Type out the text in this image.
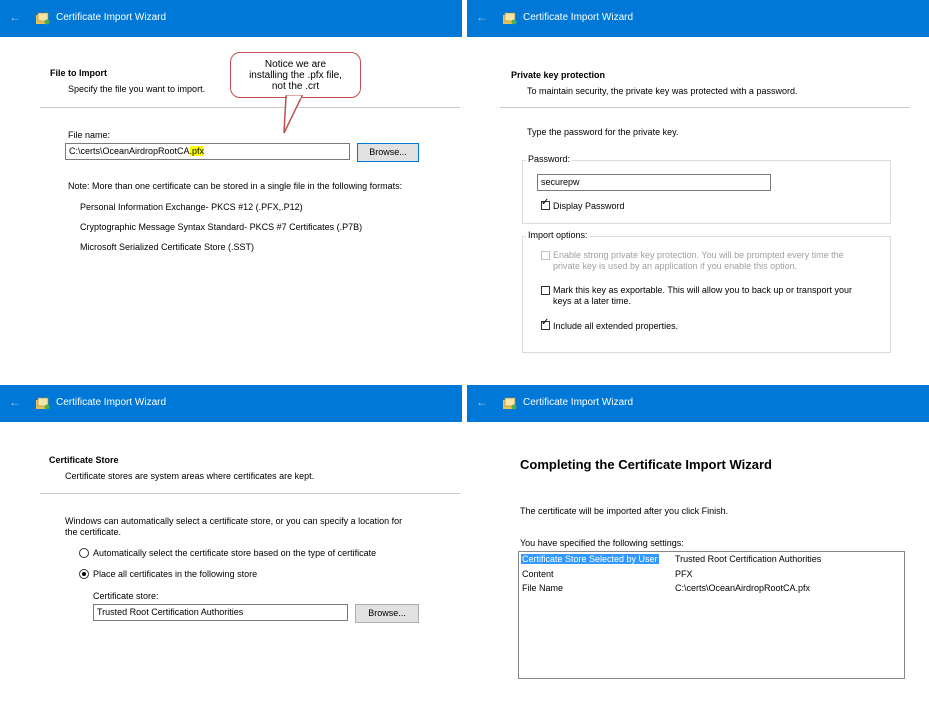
←	Certificate Import Wizard
File to Import
Specify the file you want to import.
Notice we are
installing the .pfx file,
not the .crt
File name:
C:\certs\OceanAirdropRootCA.pfx	Browse...
Note: More than one certificate can be stored in a single file in the following formats:
Personal Information Exchange- PKCS #12 (.PFX,.P12)
Cryptographic Message Syntax Standard- PKCS #7 Certificates (.P7B)
Microsoft Serialized Certificate Store (.SST)
←	Certificate Import Wizard
Private key protection
To maintain security, the private key was protected with a password.
Type the password for the private key.
Password:
securepw
✓ Display Password
Import options:
Enable strong private key protection. You will be prompted every time the
private key is used by an application if you enable this option.
Mark this key as exportable. This will allow you to back up or transport your
keys at a later time.
✓ Include all extended properties.
←	Certificate Import Wizard
Certificate Store
Certificate stores are system areas where certificates are kept.
Windows can automatically select a certificate store, or you can specify a location for
the certificate.
Automatically select the certificate store based on the type of certificate
Place all certificates in the following store
Certificate store:
Trusted Root Certification Authorities	Browse...
←	Certificate Import Wizard
Completing the Certificate Import Wizard
The certificate will be imported after you click Finish.
You have specified the following settings:
Certificate Store Selected by User Trusted Root Certification Authorities
Content	PFX
File Name	C:\certs\OceanAirdropRootCA.pfx
